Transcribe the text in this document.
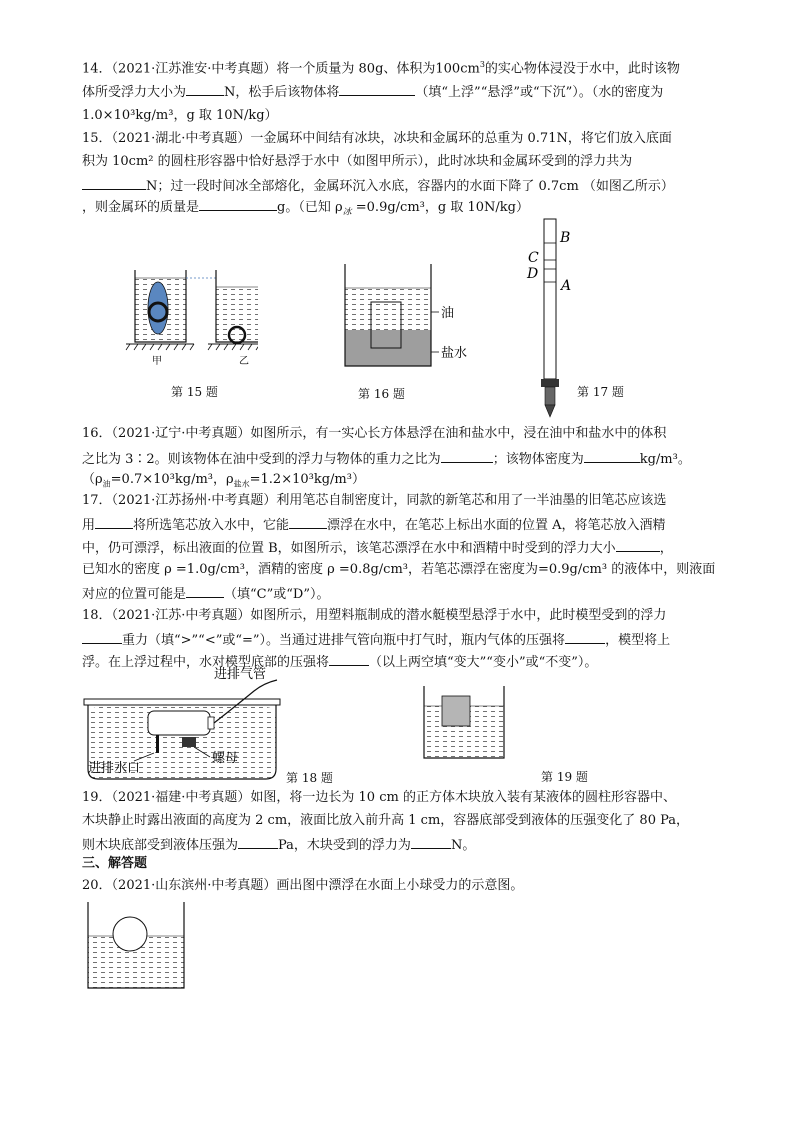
14．（2021·江苏淮安·中考真题）将一个质量为 80g、体积为$100cm^3$的实心物体浸没于水中，此时该物
体所受浮力大小为	N，松手后该物体将	（填“上浮”“悬浮”或“下沉”）。（水的密度为
1.0×10³kg/m³，g 取 10N/kg）
15．（2021·湖北·中考真题）一金属环中间结有冰块，冰块和金属环的总重为 0.71N，将它们放入底面
积为 10cm² 的圆柱形容器中恰好悬浮于水中（如图甲所示），此时冰块和金属环受到的浮力共为
N；过一段时间冰全部熔化，金属环沉入水底，容器内的水面下降了 0.7cm （如图乙所示）
，则金属环的质量是	g。（已知 $\rho_冰 =0.9g/cm^3$，g 取 10N/kg）
甲	乙
第 15 题
油
盐水
第 16 题
B
C
D
A
第 17 题
16．（2021·辽宁·中考真题）如图所示，有一实心长方体悬浮在油和盐水中，浸在油中和盐水中的体积
之比为 3∶2。则该物体在油中受到的浮力与物体的重力之比为	；该物体密度为	kg/m³。
（$\rho_油=0.7\times 10^3kg/m^3$，$\rho_{盐水}=1.2\times 10^3kg/m^3$）
17．（2021·江苏扬州·中考真题）利用笔芯自制密度计，同款的新笔芯和用了一半油墨的旧笔芯应该选
用	将所选笔芯放入水中，它能	漂浮在水中，在笔芯上标出水面的位置 A，将笔芯放入酒精
中，仍可漂浮，标出液面的位置 B，如图所示，该笔芯漂浮在水中和酒精中时受到的浮力大小	，
已知水的密度 ρ =1.0g/cm³，酒精的密度 ρ =0.8g/cm³，若笔芯漂浮在密度为=0.9g/cm³ 的液体中，则液面
对应的位置可能是	（填“C”或“D”）。
18．（2021·江苏·中考真题）如图所示，用塑料瓶制成的潜水艇模型悬浮于水中，此时模型受到的浮力
重力（填“>”“<”或“=”）。当通过进排气管向瓶中打气时，瓶内气体的压强将	，模型将上
浮。在上浮过程中，水对模型底部的压强将	（以上两空填“变大”“变小”或“不变”）。
进排气管
螺母
进排水口
第 18 题	第 19 题
19．（2021·福建·中考真题）如图，将一边长为 10 cm 的正方体木块放入装有某液体的圆柱形容器中、
木块静止时露出液面的高度为 2 cm，液面比放入前升高 1 cm，容器底部受到液体的压强变化了 80 Pa，
则木块底部受到液体压强为	Pa，木块受到的浮力为	N。
三、解答题
20．（2021·山东滨州·中考真题）画出图中漂浮在水面上小球受力的示意图。
